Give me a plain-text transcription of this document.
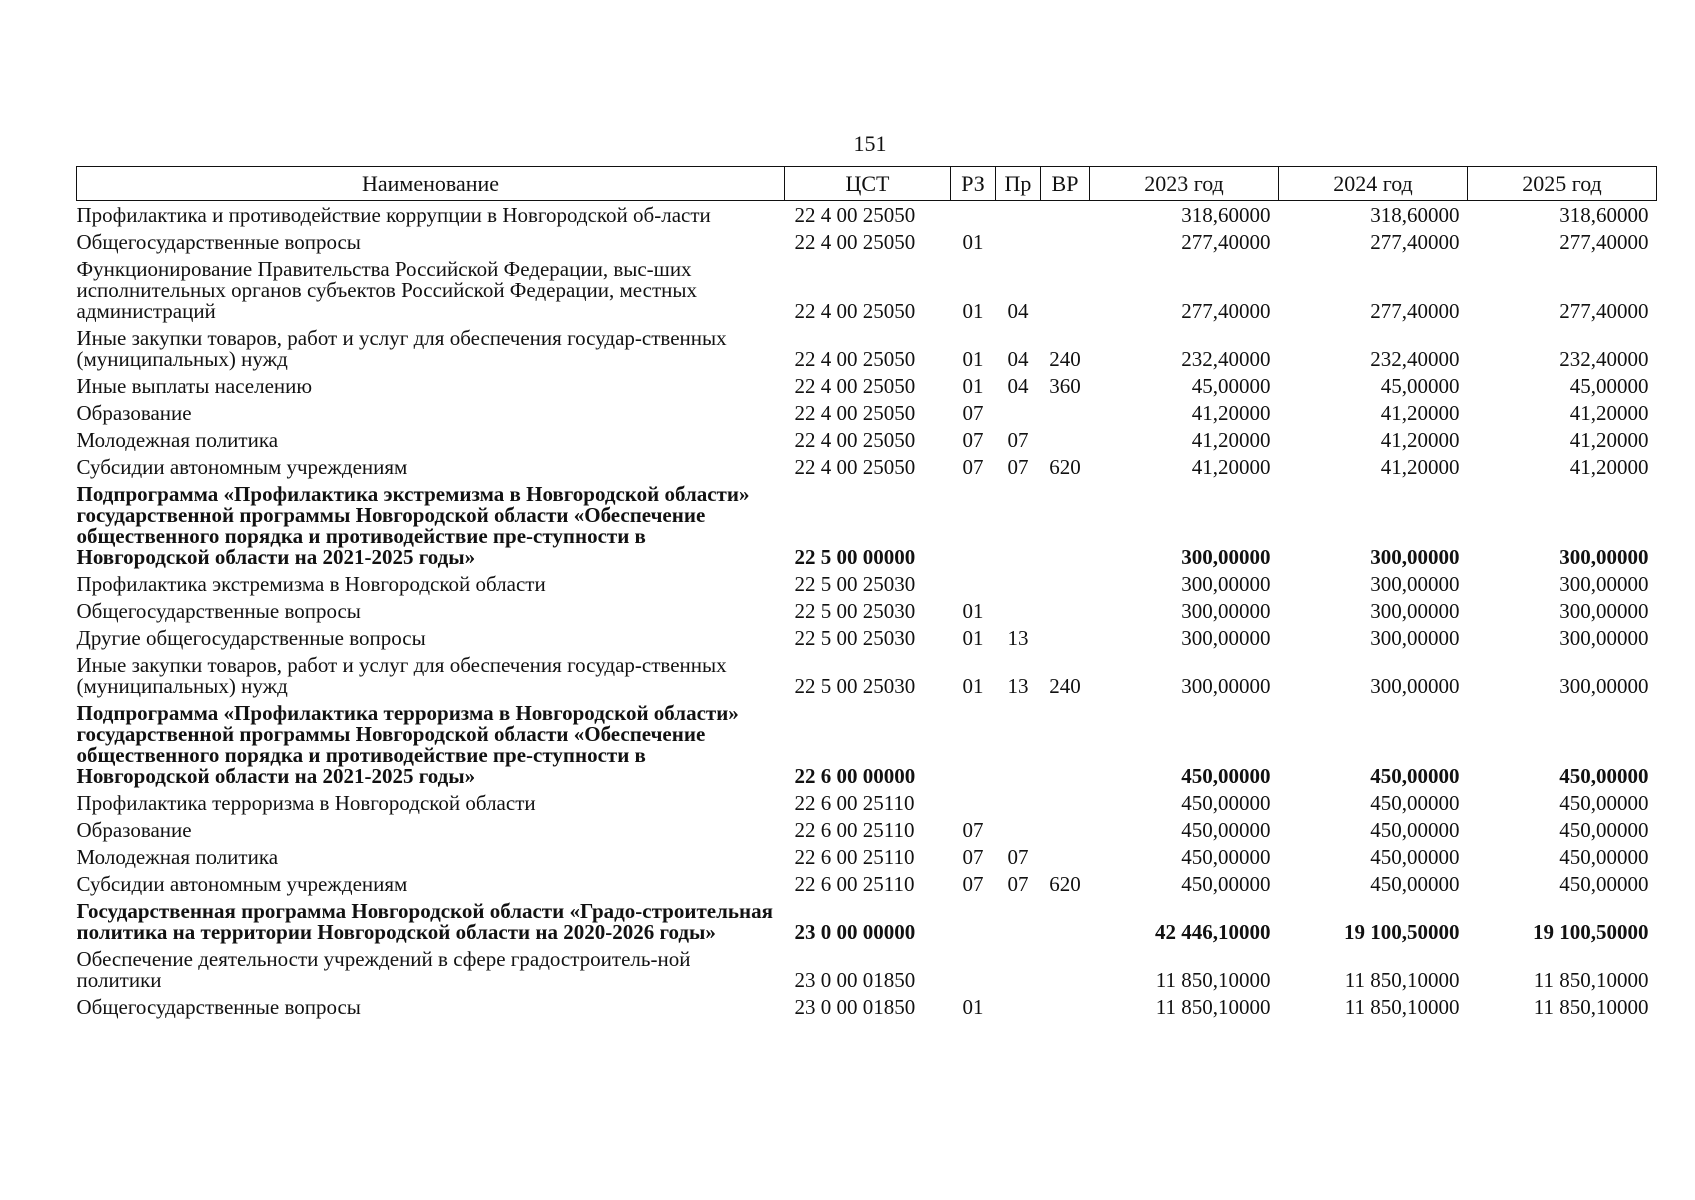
151
Наименование	ЦСТ	РЗ	Пр	ВР	2023 год	2024 год	2025 год
Профилактика и противодействие коррупции в Новгородской об-ласти	22 4 00 25050				318,60000	318,60000	318,60000
Общегосударственные вопросы	22 4 00 25050	01			277,40000	277,40000	277,40000
Функционирование Правительства Российской Федерации, выс-ших исполнительных органов субъектов Российской Федерации, местных администраций	22 4 00 25050	01	04		277,40000	277,40000	277,40000
Иные закупки товаров, работ и услуг для обеспечения государ-ственных (муниципальных) нужд	22 4 00 25050	01	04	240	232,40000	232,40000	232,40000
Иные выплаты населению	22 4 00 25050	01	04	360	45,00000	45,00000	45,00000
Образование	22 4 00 25050	07			41,20000	41,20000	41,20000
Молодежная политика	22 4 00 25050	07	07		41,20000	41,20000	41,20000
Субсидии автономным учреждениям	22 4 00 25050	07	07	620	41,20000	41,20000	41,20000
Подпрограмма «Профилактика экстремизма в Новгородской области» государственной программы Новгородской области «Обеспечение общественного порядка и противодействие пре-ступности в Новгородской области на 2021-2025 годы»	22 5 00 00000				300,00000	300,00000	300,00000
Профилактика экстремизма в Новгородской области	22 5 00 25030				300,00000	300,00000	300,00000
Общегосударственные вопросы	22 5 00 25030	01			300,00000	300,00000	300,00000
Другие общегосударственные вопросы	22 5 00 25030	01	13		300,00000	300,00000	300,00000
Иные закупки товаров, работ и услуг для обеспечения государ-ственных (муниципальных) нужд	22 5 00 25030	01	13	240	300,00000	300,00000	300,00000
Подпрограмма «Профилактика терроризма в Новгородской области» государственной программы Новгородской области «Обеспечение общественного порядка и противодействие пре-ступности в Новгородской области на 2021-2025 годы»	22 6 00 00000				450,00000	450,00000	450,00000
Профилактика терроризма в Новгородской области	22 6 00 25110				450,00000	450,00000	450,00000
Образование	22 6 00 25110	07			450,00000	450,00000	450,00000
Молодежная политика	22 6 00 25110	07	07		450,00000	450,00000	450,00000
Субсидии автономным учреждениям	22 6 00 25110	07	07	620	450,00000	450,00000	450,00000
Государственная программа Новгородской области «Градо-строительная политика на территории Новгородской области на 2020-2026 годы»	23 0 00 00000				42 446,10000	19 100,50000	19 100,50000
Обеспечение деятельности учреждений в сфере градостроитель-ной политики	23 0 00 01850				11 850,10000	11 850,10000	11 850,10000
Общегосударственные вопросы	23 0 00 01850	01			11 850,10000	11 850,10000	11 850,10000
